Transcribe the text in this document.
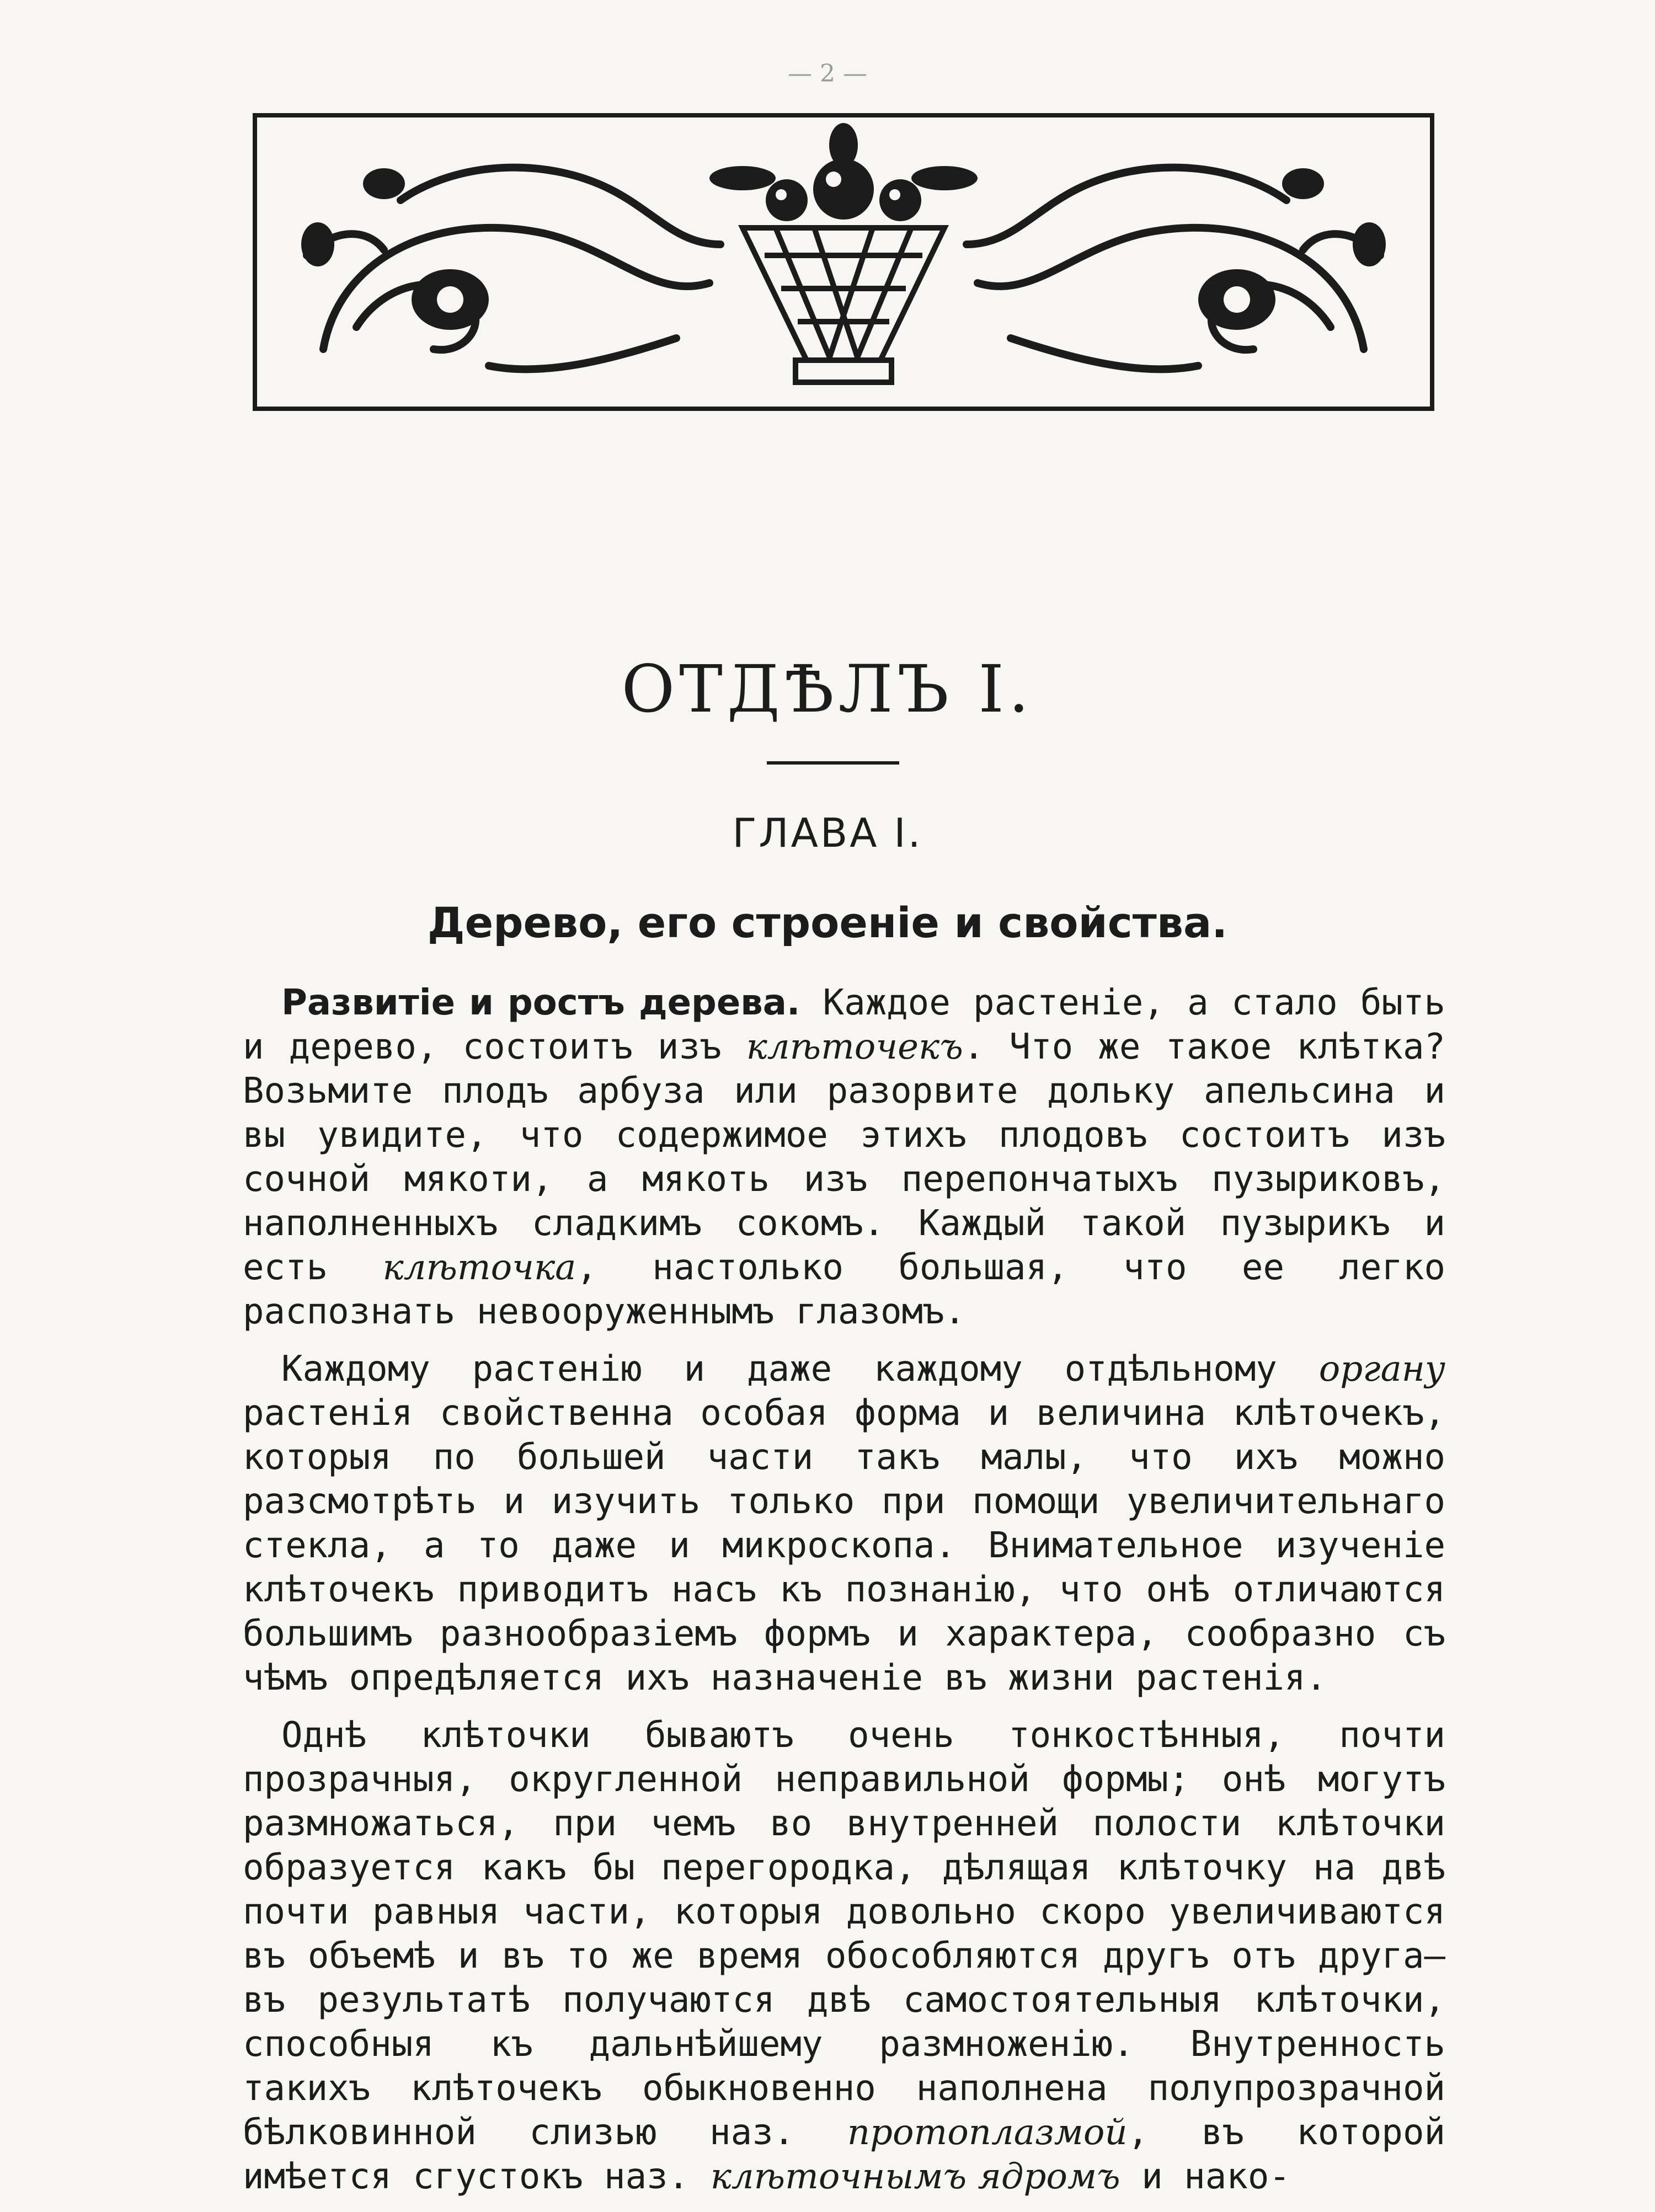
— 2 —
ОТДѢЛЪ I.
ГЛАВА I.
Дерево, его строеніе и свойства.

Развитіе и ростъ дерева. Каждое растеніе, а стало быть и дерево, состоитъ изъ клѣточекъ. Что же такое клѣтка? Возьмите плодъ арбуза или разорвите дольку апельсина и вы увидите, что содержимое этихъ плодовъ состоитъ изъ сочной мякоти, а мякоть изъ перепончатыхъ пузыриковъ, наполненныхъ сладкимъ сокомъ. Каждый такой пузырикъ и есть клѣточка, настолько большая, что ее легко распознать невооруженнымъ глазомъ.

Каждому растенію и даже каждому отдѣльному органу растенія свойственна особая форма и величина клѣточекъ, которыя по большей части такъ малы, что ихъ можно разсмотрѣть и изучить только при помощи увеличительнаго стекла, а то даже и микроскопа. Внимательное изученіе клѣточекъ приводитъ насъ къ познанію, что онѣ отличаются большимъ разнообразіемъ формъ и характера, сообразно съ чѣмъ опредѣляется ихъ назначеніе въ жизни растенія.

Однѣ клѣточки бываютъ очень тонкостѣнныя, почти прозрачныя, округленной неправильной формы; онѣ могутъ размножаться, при чемъ во внутренней полости клѣточки образуется какъ бы перегородка, дѣлящая клѣточку на двѣ почти равныя части, которыя довольно скоро увеличиваются въ объемѣ и въ то же время обособляются другъ отъ друга—въ результатѣ получаются двѣ самостоятельныя клѣточки, способныя къ дальнѣйшему размноженію. Внутренность такихъ клѣточекъ обыкновенно наполнена полупрозрачной бѣлковинной слизью наз. протоплазмой, въ которой имѣется сгустокъ наз. клѣточнымъ ядромъ и нако-
